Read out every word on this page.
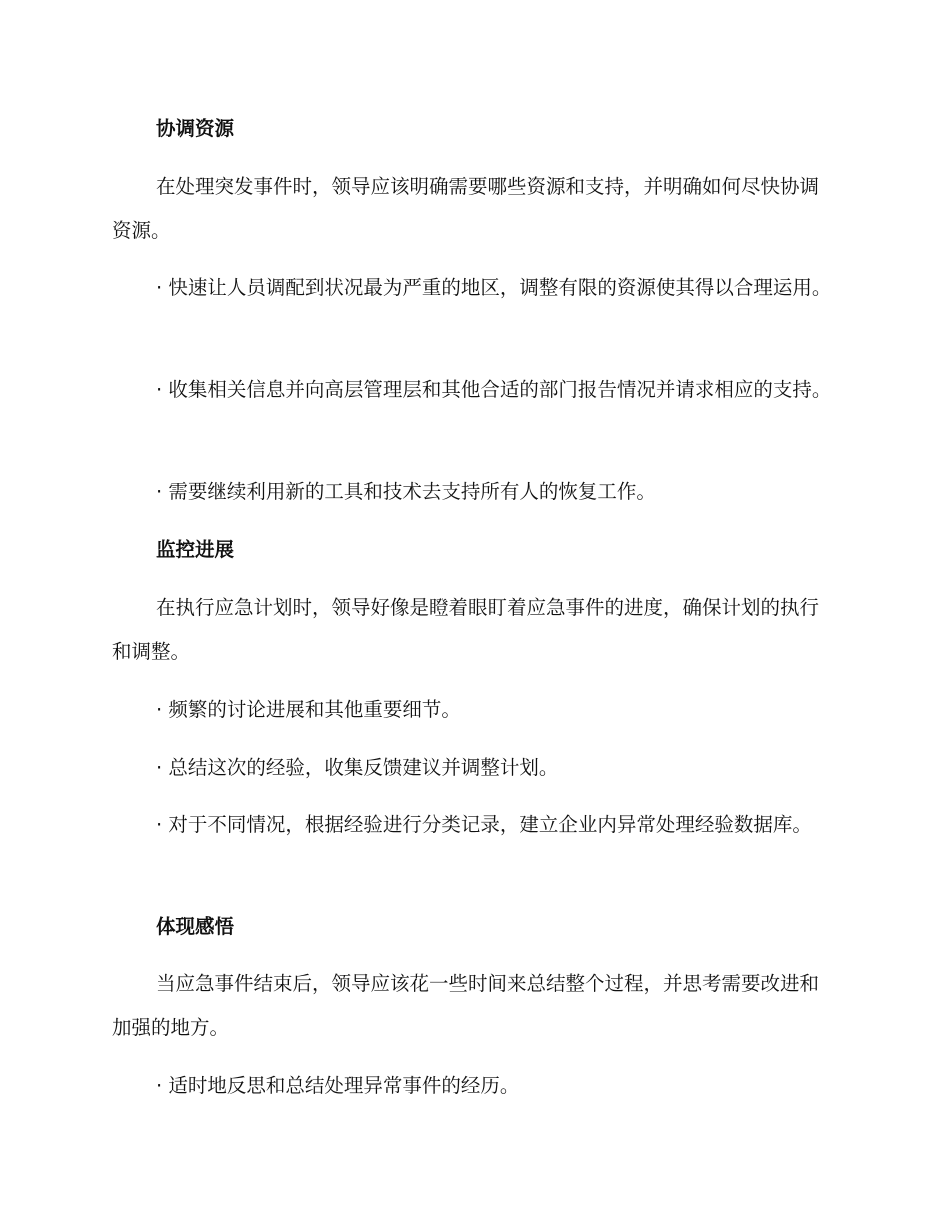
协调资源
在处理突发事件时，领导应该明确需要哪些资源和支持，并明确如何尽快协调资源。
· 快速让人员调配到状况最为严重的地区，调整有限的资源使其得以合理运用。
· 收集相关信息并向高层管理层和其他合适的部门报告情况并请求相应的支持。
· 需要继续利用新的工具和技术去支持所有人的恢复工作。
监控进展
在执行应急计划时，领导好像是瞪着眼盯着应急事件的进度，确保计划的执行和调整。
· 频繁的讨论进展和其他重要细节。
· 总结这次的经验，收集反馈建议并调整计划。
· 对于不同情况，根据经验进行分类记录，建立企业内异常处理经验数据库。
体现感悟
当应急事件结束后，领导应该花一些时间来总结整个过程，并思考需要改进和加强的地方。
· 适时地反思和总结处理异常事件的经历。
